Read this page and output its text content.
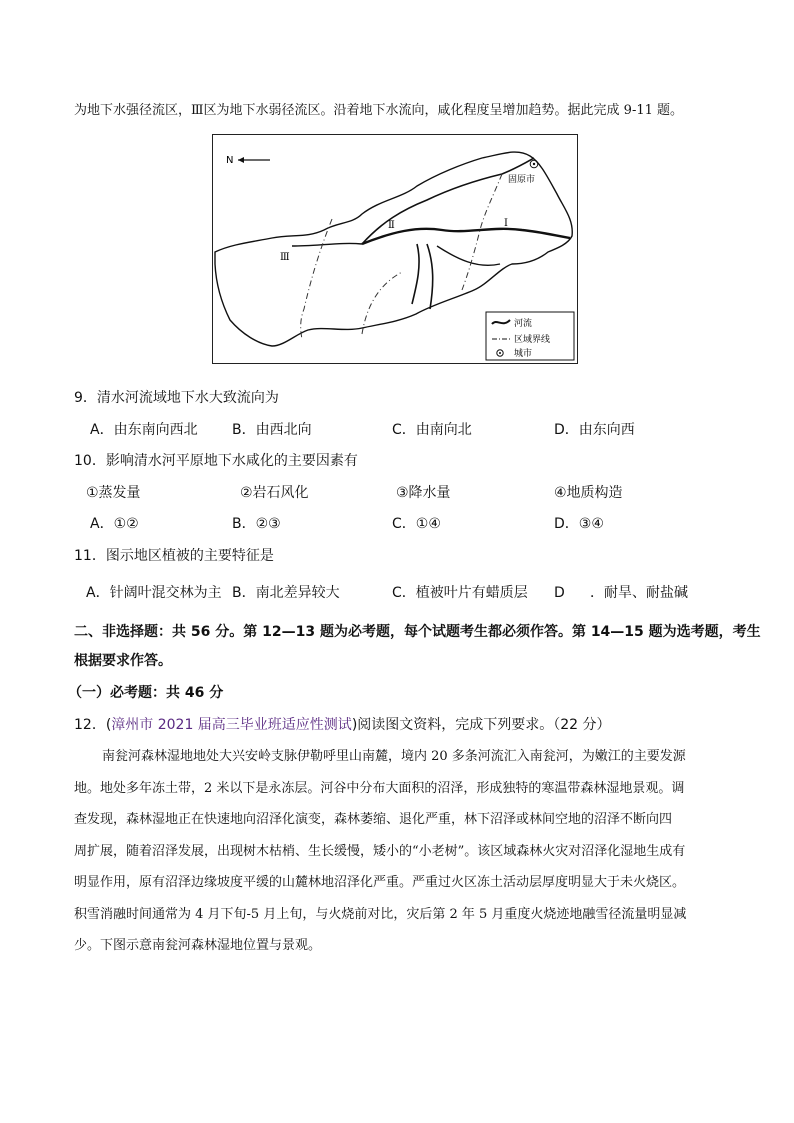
为地下水强径流区，Ⅲ区为地下水弱径流区。沿着地下水流向，咸化程度呈增加趋势。据此完成 9-11 题。
N
固原市
Ⅱ	Ⅰ
Ⅲ
河流
区域界线
城市
9．清水河流域地下水大致流向为
A．由东南向西北 B．由西北向	C．由南向北	D．由东向西
10．影响清水河平原地下水咸化的主要因素有
①蒸发量	②岩石风化	③降水量	④地质构造
A．①②	B．②③	C．①④	D．③④
11．图示地区植被的主要特征是
A．针阔叶混交林为主 B．南北差异较大	C．植被叶片有蜡质层 D ．耐旱、耐盐碱
二、非选择题：共 56 分。第 12—13 题为必考题，每个试题考生都必须作答。第 14—15 题为选考题，考生
根据要求作答。
（一）必考题：共 46 分
12．(漳州市 2021 届高三毕业班适应性测试)阅读图文资料，完成下列要求。（22 分）
南瓮河森林湿地地处大兴安岭支脉伊勒呼里山南麓，境内 20 多条河流汇入南瓮河，为嫩江的主要发源
地。地处多年冻土带，2 米以下是永冻层。河谷中分布大面积的沼泽，形成独特的寒温带森林湿地景观。调
查发现，森林湿地正在快速地向沼泽化演变，森林萎缩、退化严重，林下沼泽或林间空地的沼泽不断向四
周扩展，随着沼泽发展，出现树木枯梢、生长缓慢，矮小的“小老树”。该区域森林火灾对沼泽化湿地生成有
明显作用，原有沼泽边缘坡度平缓的山麓林地沼泽化严重。严重过火区冻土活动层厚度明显大于未火烧区。
积雪消融时间通常为 4 月下旬-5 月上旬，与火烧前对比，灾后第 2 年 5 月重度火烧迹地融雪径流量明显减
少。下图示意南瓮河森林湿地位置与景观。
